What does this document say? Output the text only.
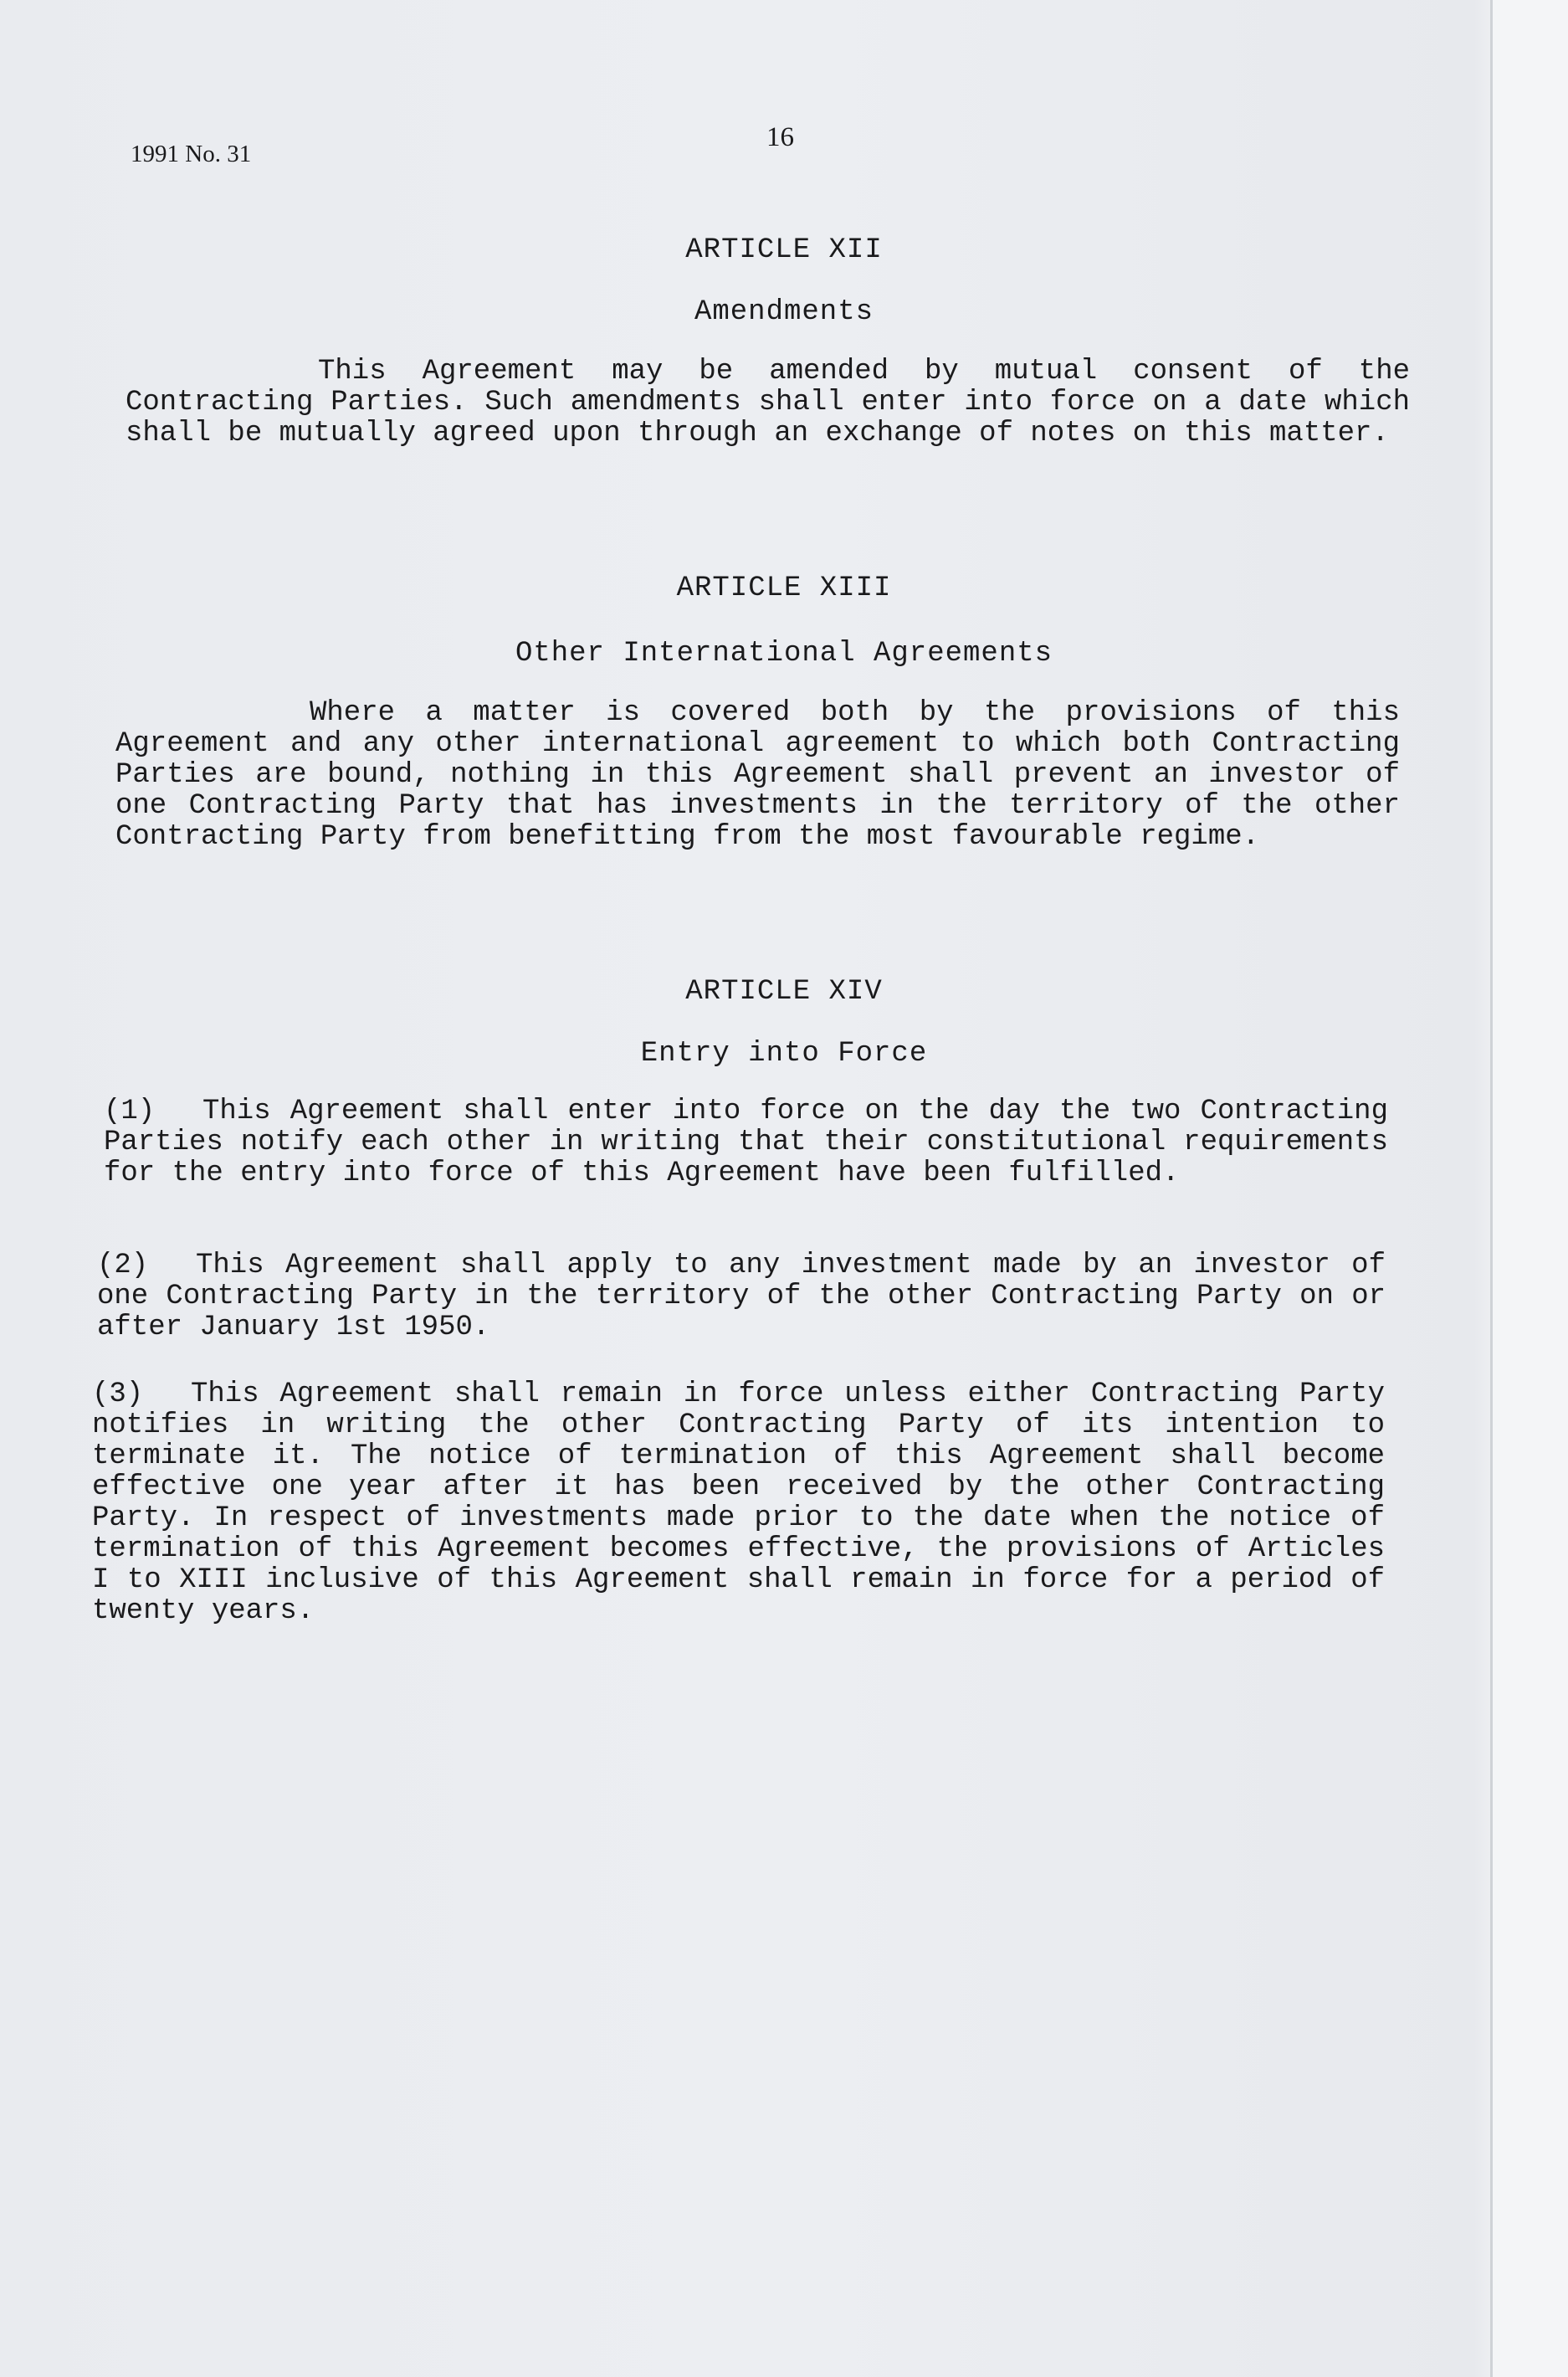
1991 No. 31
16
ARTICLE XII
Amendments

This Agreement may be amended by mutual consent of the Contracting Parties. Such amendments shall enter into force on a date which shall be mutually agreed upon through an exchange of notes on this matter.

ARTICLE XIII
Other International Agreements

Where a matter is covered both by the provisions of this Agreement and any other international agreement to which both Contracting Parties are bound, nothing in this Agreement shall prevent an investor of one Contracting Party that has investments in the territory of the other Contracting Party from benefitting from the most favourable regime.

ARTICLE XIV
Entry into Force

(1) This Agreement shall enter into force on the day the two Contracting Parties notify each other in writing that their constitutional requirements for the entry into force of this Agreement have been fulfilled.

(2) This Agreement shall apply to any investment made by an investor of one Contracting Party in the territory of the other Contracting Party on or after January 1st 1950.

(3) This Agreement shall remain in force unless either Contracting Party notifies in writing the other Contracting Party of its intention to terminate it. The notice of termination of this Agreement shall become effective one year after it has been received by the other Contracting Party. In respect of investments made prior to the date when the notice of termination of this Agreement becomes effective, the provisions of Articles I to XIII inclusive of this Agreement shall remain in force for a period of twenty years.
